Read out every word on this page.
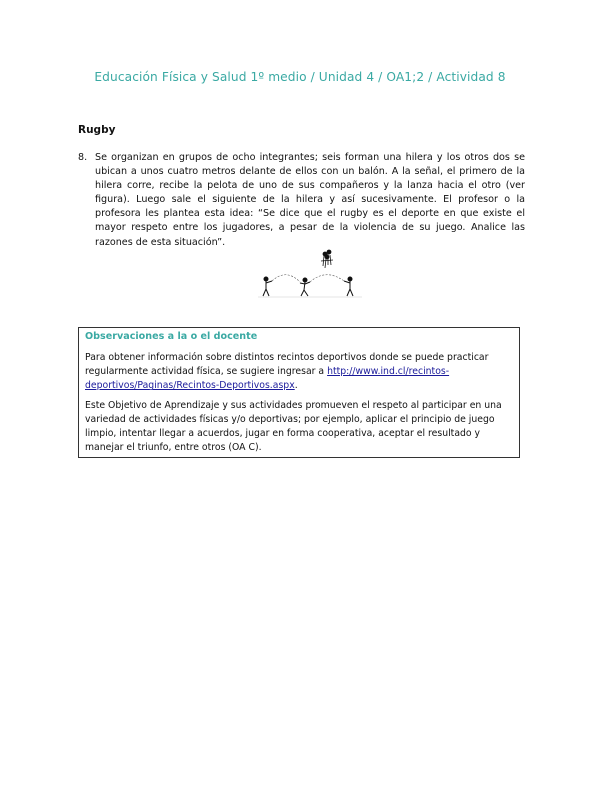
Educación Física y Salud 1º medio / Unidad 4 / OA1;2 / Actividad 8
Rugby
8. Se organizan en grupos de ocho integrantes; seis forman una hilera y los otros dos se ubican a unos cuatro metros delante de ellos con un balón. A la señal, el primero de la hilera corre, recibe la pelota de uno de sus compañeros y la lanza hacia el otro (ver figura). Luego sale el siguiente de la hilera y así sucesivamente. El profesor o la profesora les plantea esta idea: “Se dice que el rugby es el deporte en que existe el mayor respeto entre los jugadores, a pesar de la violencia de su juego. Analice las razones de esta situación”.
Observaciones a la o el docente

Para obtener información sobre distintos recintos deportivos donde se puede practicar regularmente actividad física, se sugiere ingresar a http://www.ind.cl/recintos-deportivos/Paginas/Recintos-Deportivos.aspx.

Este Objetivo de Aprendizaje y sus actividades promueven el respeto al participar en una variedad de actividades físicas y/o deportivas; por ejemplo, aplicar el principio de juego limpio, intentar llegar a acuerdos, jugar en forma cooperativa, aceptar el resultado y manejar el triunfo, entre otros (OA C).
